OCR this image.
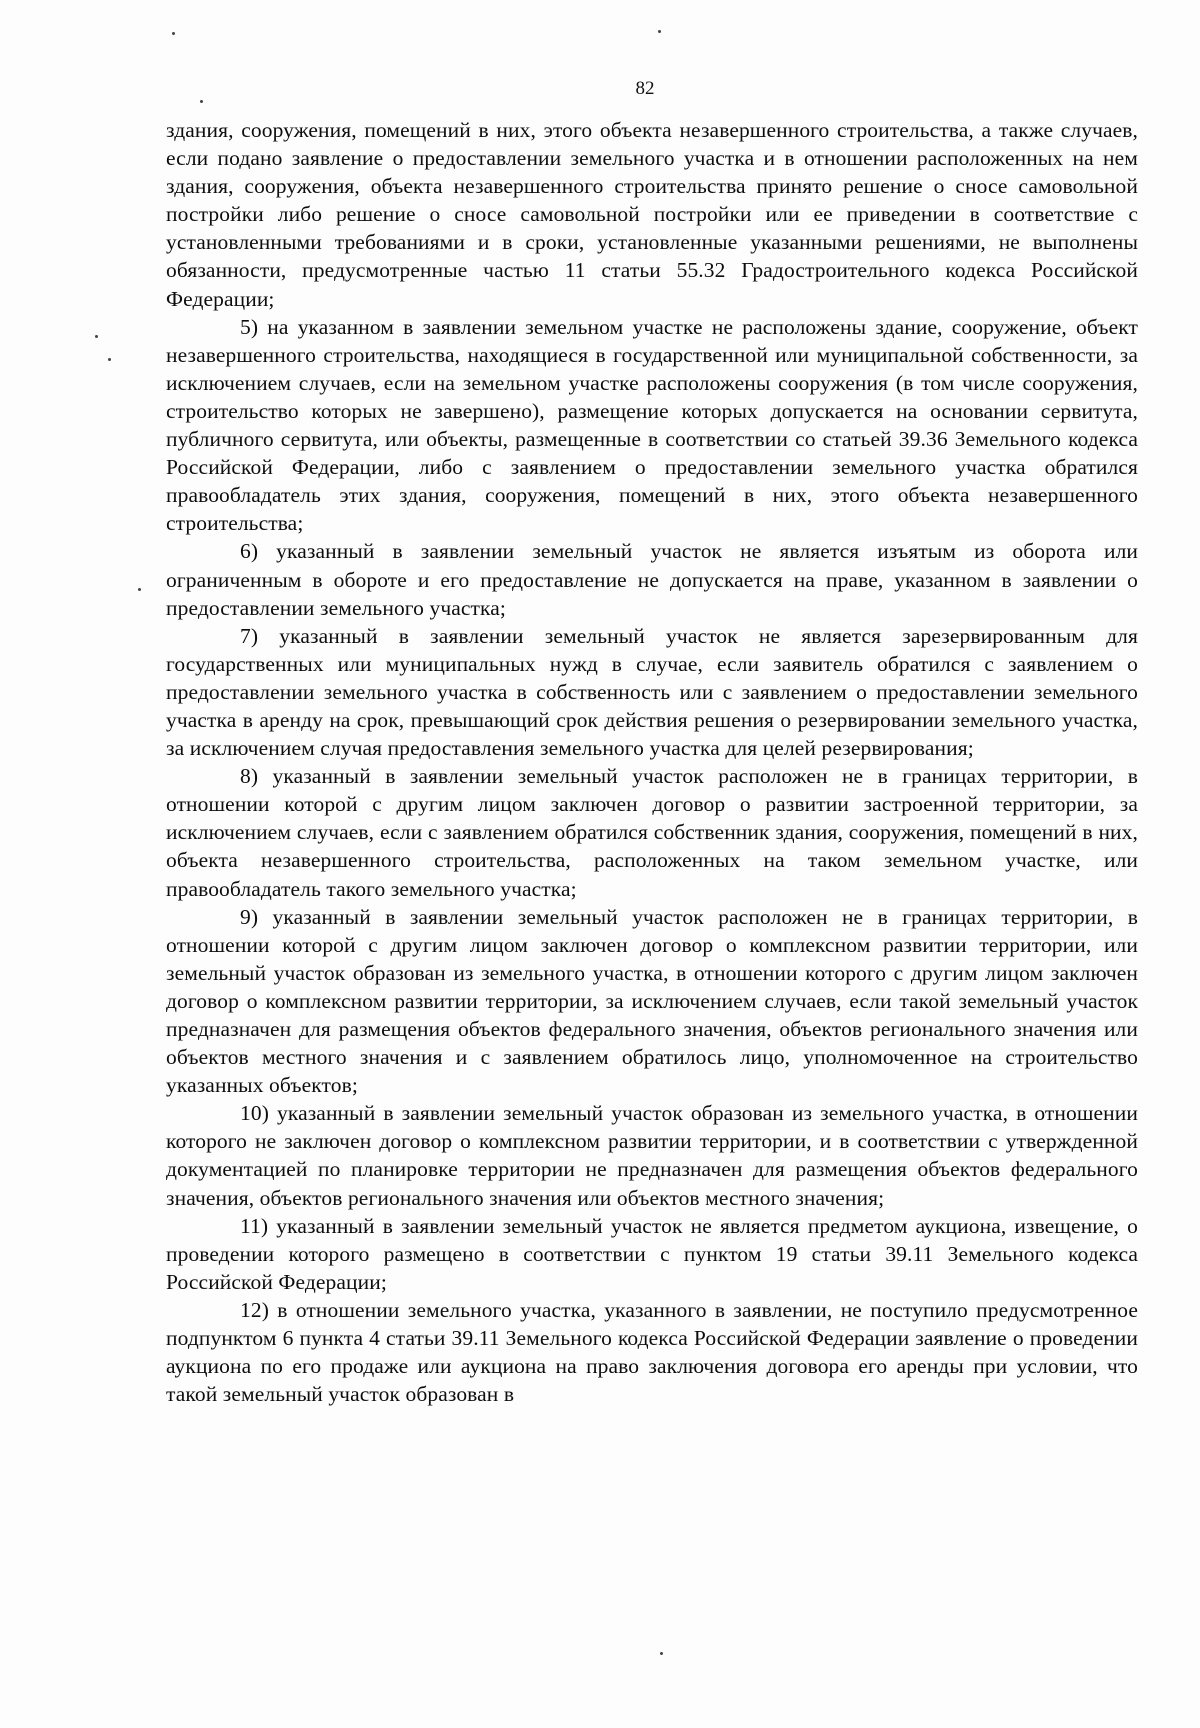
82

здания, сооружения, помещений в них, этого объекта незавершенного строительства, а также случаев, если подано заявление о предоставлении земельного участка и в отношении расположенных на нем здания, сооружения, объекта незавершенного строительства принято решение о сносе самовольной постройки либо решение о сносе самовольной постройки или ее приведении в соответствие с установленными требованиями и в сроки, установленные указанными решениями, не выполнены обязанности, предусмотренные частью 11 статьи 55.32 Градостроительного кодекса Российской Федерации;

5) на указанном в заявлении земельном участке не расположены здание, сооружение, объект незавершенного строительства, находящиеся в государственной или муниципальной собственности, за исключением случаев, если на земельном участке расположены сооружения (в том числе сооружения, строительство которых не завершено), размещение которых допускается на основании сервитута, публичного сервитута, или объекты, размещенные в соответствии со статьей 39.36 Земельного кодекса Российской Федерации, либо с заявлением о предоставлении земельного участка обратился правообладатель этих здания, сооружения, помещений в них, этого объекта незавершенного строительства;

6) указанный в заявлении земельный участок не является изъятым из оборота или ограниченным в обороте и его предоставление не допускается на праве, указанном в заявлении о предоставлении земельного участка;

7) указанный в заявлении земельный участок не является зарезервированным для государственных или муниципальных нужд в случае, если заявитель обратился с заявлением о предоставлении земельного участка в собственность или с заявлением о предоставлении земельного участка в аренду на срок, превышающий срок действия решения о резервировании земельного участка, за исключением случая предоставления земельного участка для целей резервирования;

8) указанный в заявлении земельный участок расположен не в границах территории, в отношении которой с другим лицом заключен договор о развитии застроенной территории, за исключением случаев, если с заявлением обратился собственник здания, сооружения, помещений в них, объекта незавершенного строительства, расположенных на таком земельном участке, или правообладатель такого земельного участка;

9) указанный в заявлении земельный участок расположен не в границах территории, в отношении которой с другим лицом заключен договор о комплексном развитии территории, или земельный участок образован из земельного участка, в отношении которого с другим лицом заключен договор о комплексном развитии территории, за исключением случаев, если такой земельный участок предназначен для размещения объектов федерального значения, объектов регионального значения или объектов местного значения и с заявлением обратилось лицо, уполномоченное на строительство указанных объектов;

10) указанный в заявлении земельный участок образован из земельного участка, в отношении которого не заключен договор о комплексном развитии территории, и в соответствии с утвержденной документацией по планировке территории не предназначен для размещения объектов федерального значения, объектов регионального значения или объектов местного значения;

11) указанный в заявлении земельный участок не является предметом аукциона, извещение, о проведении которого размещено в соответствии с пунктом 19 статьи 39.11 Земельного кодекса Российской Федерации;

12) в отношении земельного участка, указанного в заявлении, не поступило предусмотренное подпунктом 6 пункта 4 статьи 39.11 Земельного кодекса Российской Федерации заявление о проведении аукциона по его продаже или аукциона на право заключения договора его аренды при условии, что такой земельный участок образован в
